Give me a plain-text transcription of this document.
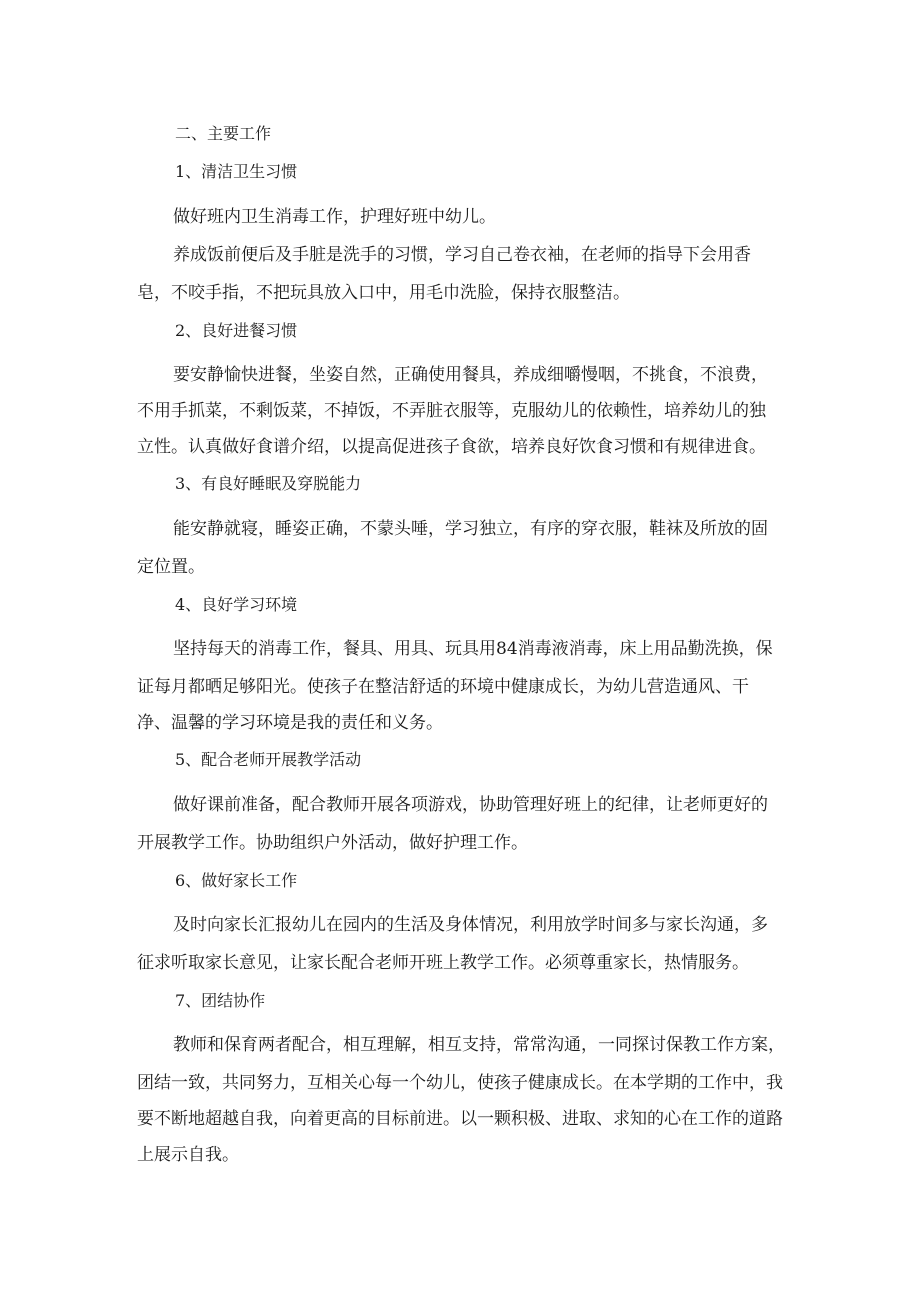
二、主要工作
1、清洁卫生习惯
做好班内卫生消毒工作，护理好班中幼儿。
养成饭前便后及手脏是洗手的习惯，学习自己卷衣袖，在老师的指导下会用香
皂，不咬手指，不把玩具放入口中，用毛巾洗脸，保持衣服整洁。
2、良好进餐习惯
要安静愉快进餐，坐姿自然，正确使用餐具，养成细嚼慢咽，不挑食，不浪费，
不用手抓菜，不剩饭菜，不掉饭，不弄脏衣服等，克服幼儿的依赖性，培养幼儿的独
立性。认真做好食谱介绍，以提高促进孩子食欲，培养良好饮食习惯和有规律进食。
3、有良好睡眠及穿脱能力
能安静就寝，睡姿正确，不蒙头唾，学习独立，有序的穿衣服，鞋袜及所放的固
定位置。
4、良好学习环境
坚持每天的消毒工作，餐具、用具、玩具用84消毒液消毒，床上用品勤洗换，保
证每月都晒足够阳光。使孩子在整洁舒适的环境中健康成长，为幼儿营造通风、干
净、温馨的学习环境是我的责任和义务。
5、配合老师开展教学活动
做好课前准备，配合教师开展各项游戏，协助管理好班上的纪律，让老师更好的
开展教学工作。协助组织户外活动，做好护理工作。
6、做好家长工作
及时向家长汇报幼儿在园内的生活及身体情况，利用放学时间多与家长沟通，多
征求听取家长意见，让家长配合老师开班上教学工作。必须尊重家长，热情服务。
7、团结协作
教师和保育两者配合，相互理解，相互支持，常常沟通，一同探讨保教工作方案，
团结一致，共同努力，互相关心每一个幼儿，使孩子健康成长。在本学期的工作中，我
要不断地超越自我，向着更高的目标前进。以一颗积极、进取、求知的心在工作的道路
上展示自我。
